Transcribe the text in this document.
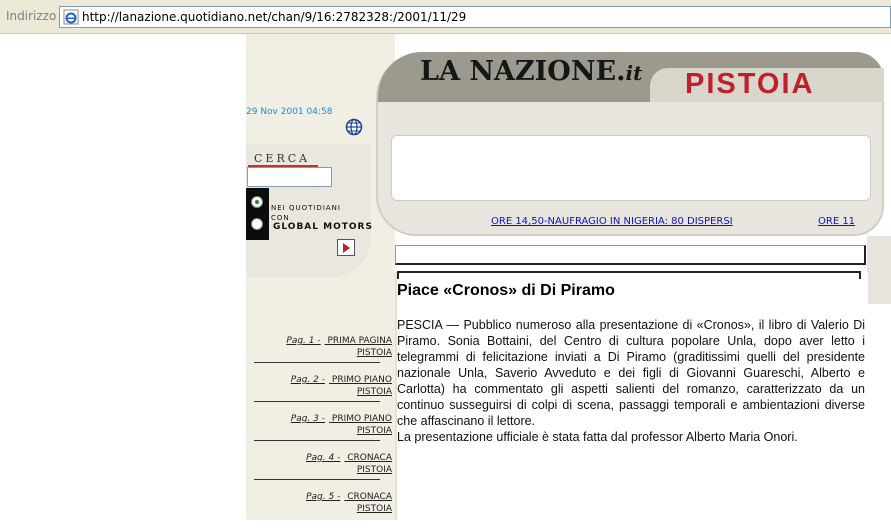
Indirizzo http://lanazione.quotidiano.net/chan/9/16:2782328:/2001/11/29
LA NAZIONE.it PISTOIA
ORE 14,50-NAUFRAGIO IN NIGERIA: 80 DISPERSI	ORE 11
29 Nov 2001 04:58
CERCA
NEI QUOTIDIANI
CON
GLOBAL MOTORS
Pag. 1 - PRIMA PAGINA
PISTOIA
Pag. 2 - PRIMO PIANO
PISTOIA
Pag. 3 - PRIMO PIANO
PISTOIA
Pag. 4 - CRONACA
PISTOIA
Pag. 5 - CRONACA
PISTOIA
Piace «Cronos» di Di Piramo

PESCIA — Pubblico numeroso alla presentazione di «Cronos», il libro di Valerio Di Piramo. Sonia Bottaini, del Centro di cultura popolare Unla, dopo aver letto i telegrammi di felicitazione inviati a Di Piramo (graditissimi quelli del presidente nazionale Unla, Saverio Avveduto e dei figli di Giovanni Guareschi, Alberto e Carlotta) ha commentato gli aspetti salienti del romanzo, caratterizzato da un continuo susseguirsi di colpi di scena, passaggi temporali e ambientazioni diverse che affascinano il lettore.

La presentazione ufficiale è stata fatta dal professor Alberto Maria Onori.
